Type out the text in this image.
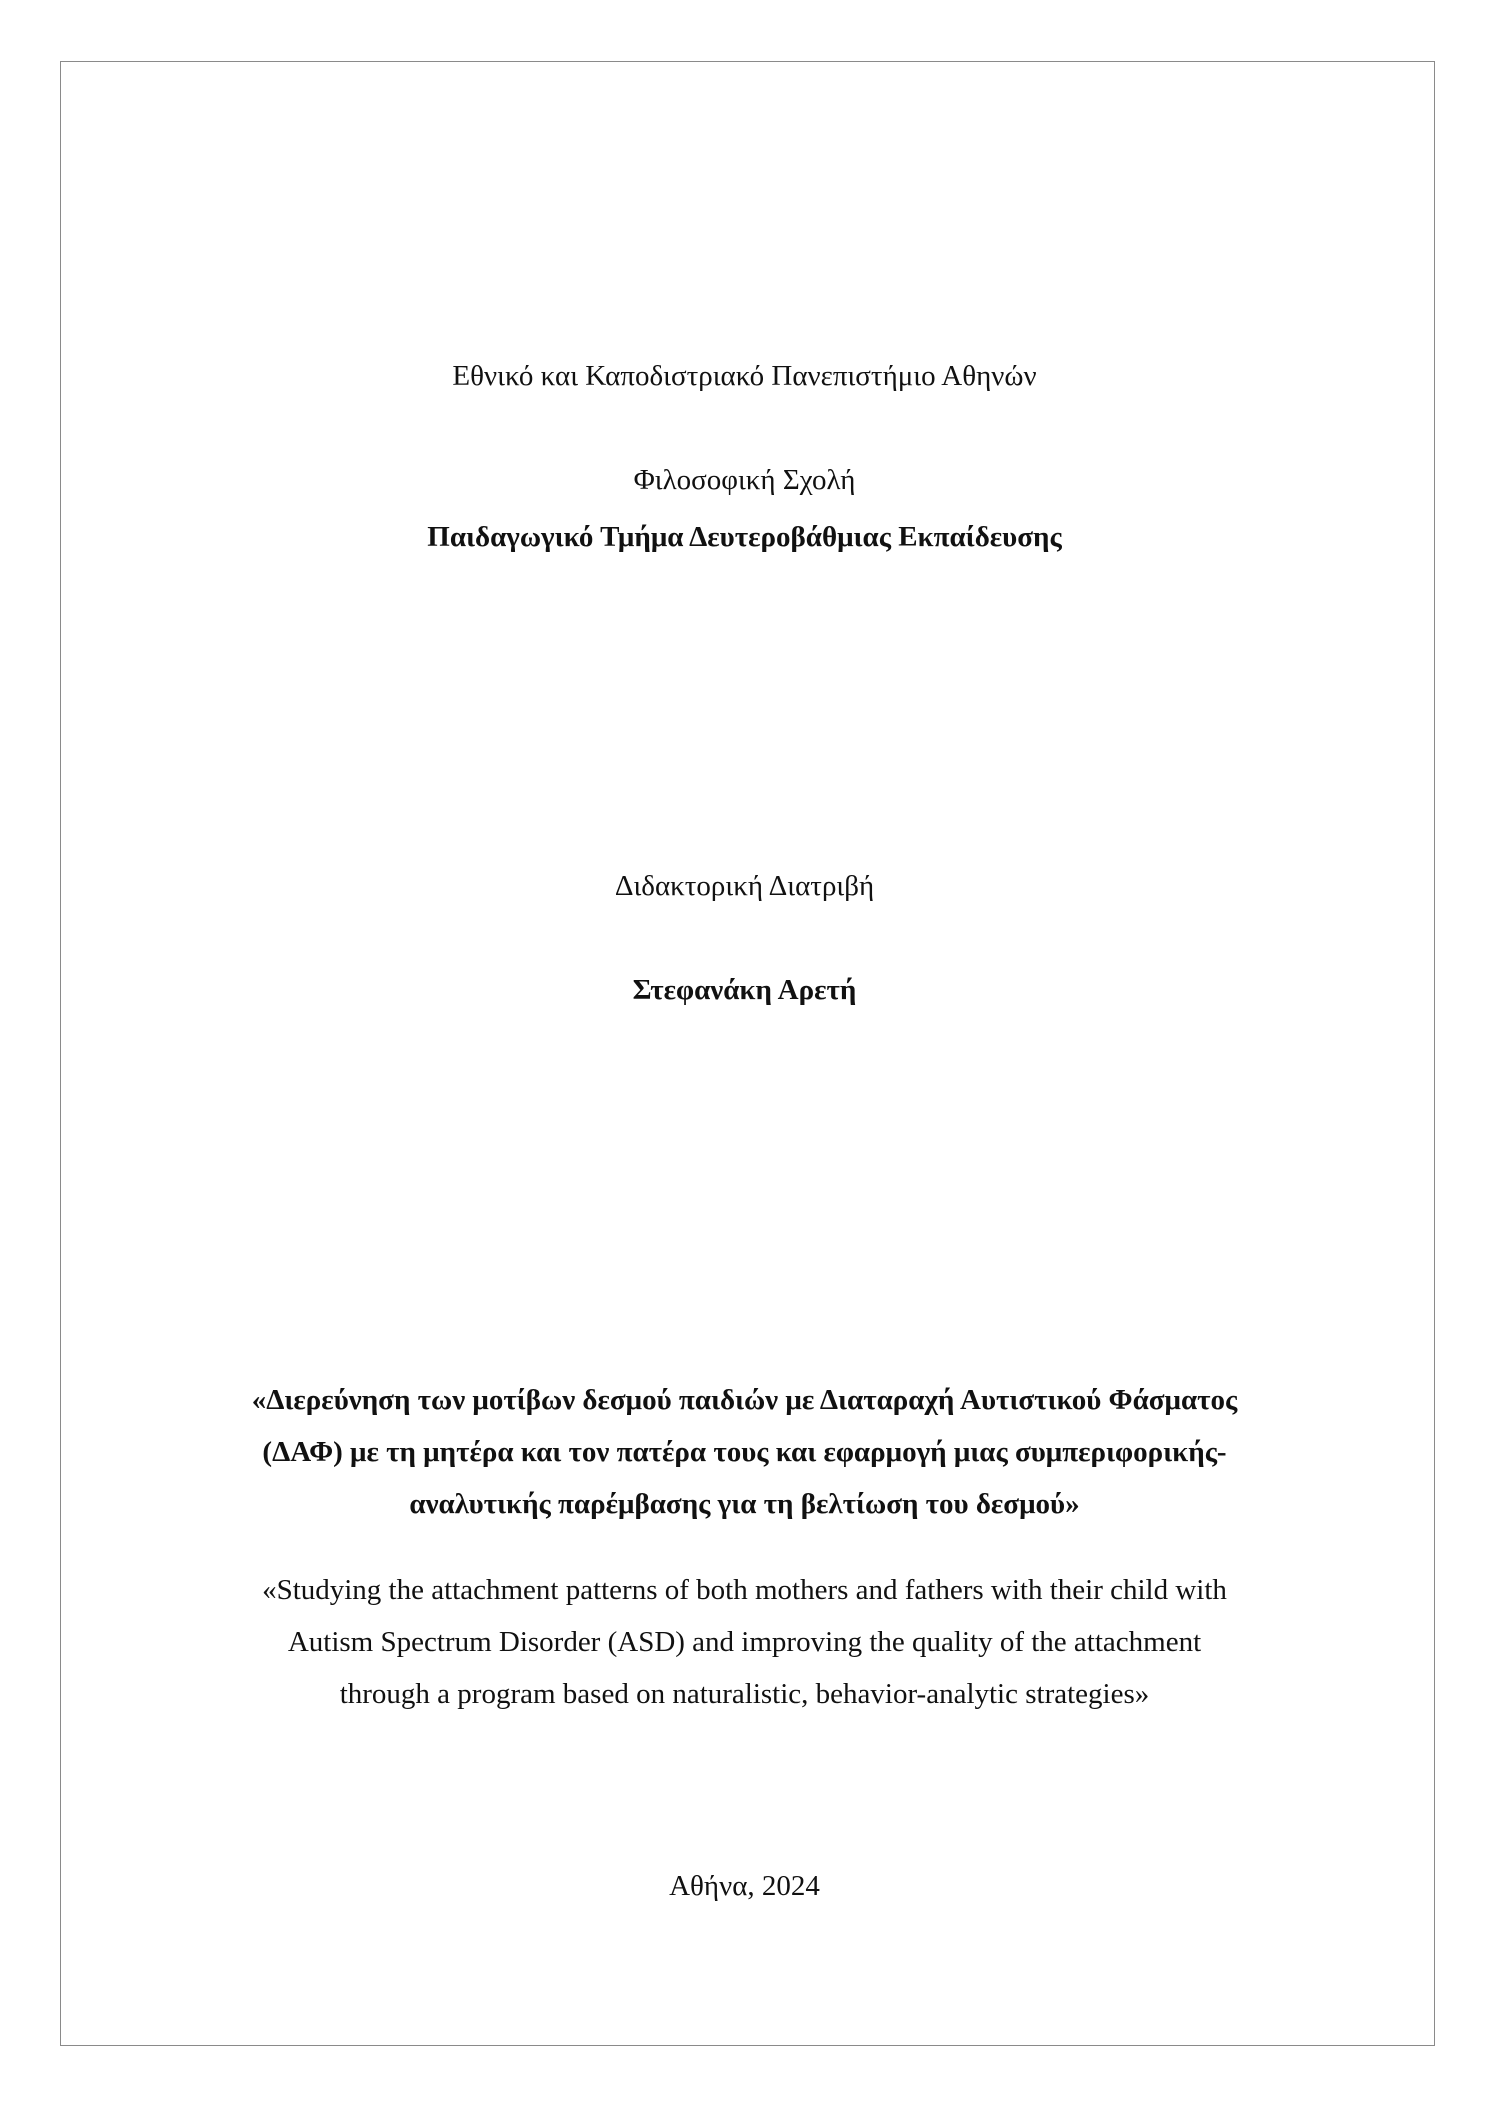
Εθνικό και Καποδιστριακό Πανεπιστήμιο Αθηνών
Φιλοσοφική Σχολή
Παιδαγωγικό Τμήμα Δευτεροβάθμιας Εκπαίδευσης
Διδακτορική Διατριβή
Στεφανάκη Αρετή
«Διερεύνηση των μοτίβων δεσμού παιδιών με Διαταραχή Αυτιστικού Φάσματος
(ΔΑΦ) με τη μητέρα και τον πατέρα τους και εφαρμογή μιας συμπεριφορικής-
αναλυτικής παρέμβασης για τη βελτίωση του δεσμού»
«Studying the attachment patterns of both mothers and fathers with their child with
Autism Spectrum Disorder (ASD) and improving the quality of the attachment
through a program based on naturalistic, behavior-analytic strategies»
Αθήνα, 2024
